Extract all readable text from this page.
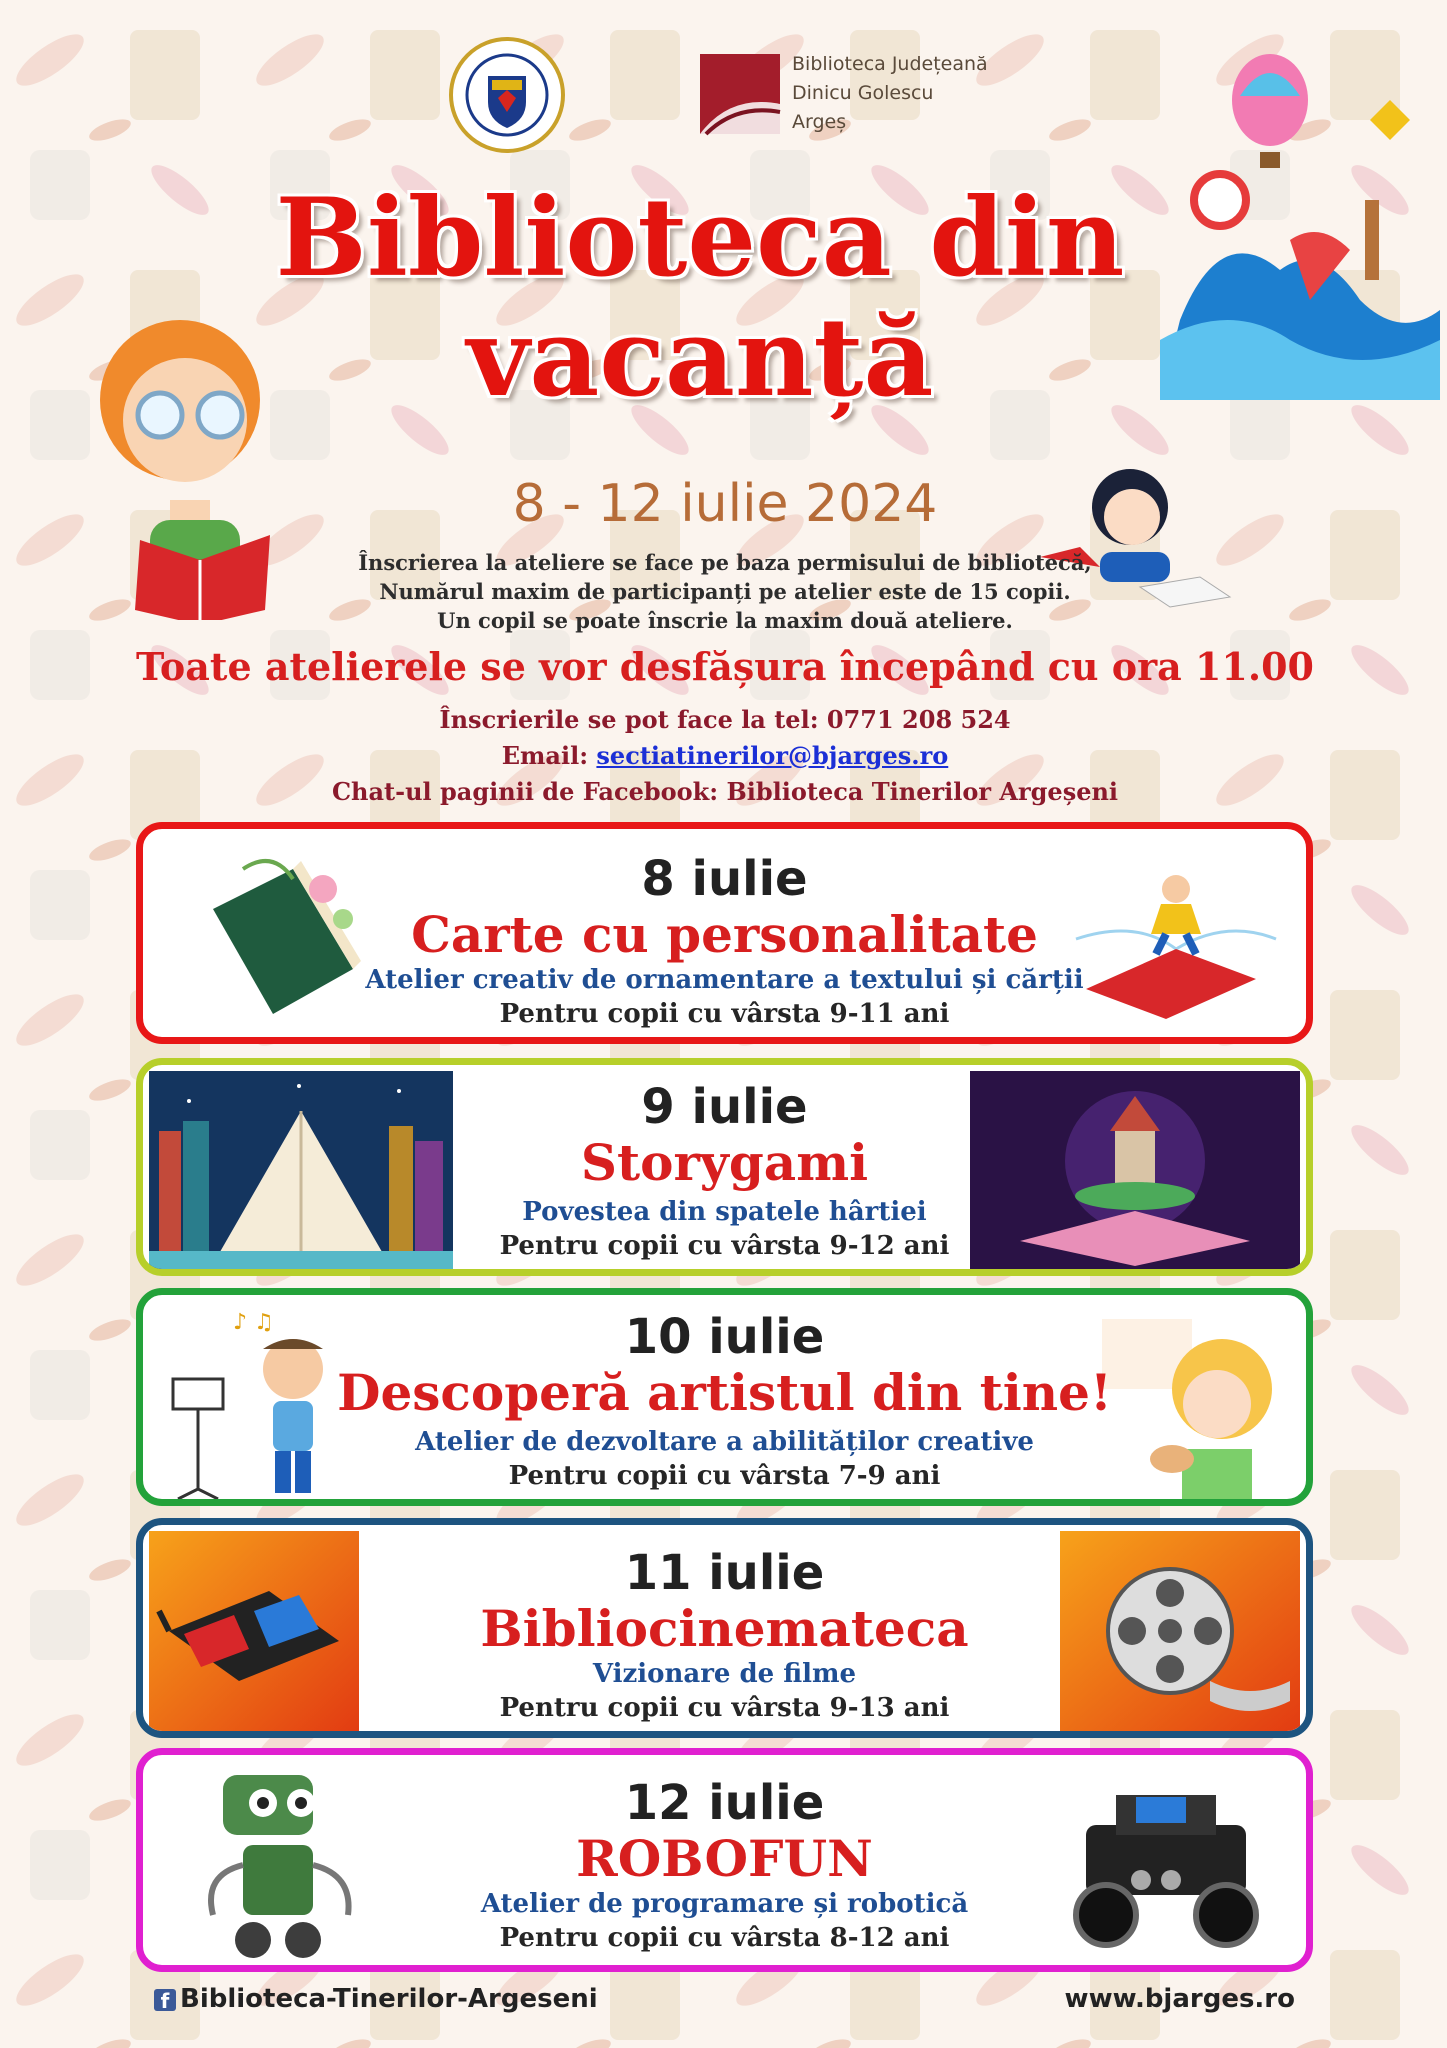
Biblioteca Județeană
Dinicu Golescu
Argeș
Biblioteca din
vacanță
8 - 12 iulie 2024
Înscrierea la ateliere se face pe baza permisului de bibliotecă,
Numărul maxim de participanți pe atelier este de 15 copii.
Un copil se poate înscrie la maxim două ateliere.
Toate atelierele se vor desfășura începând cu ora 11.00
Înscrierile se pot face la tel: 0771 208 524
Email: sectiatinerilor@bjarges.ro
Chat-ul paginii de Facebook: Biblioteca Tinerilor Argeșeni
8 iulie
Carte cu personalitate
Atelier creativ de ornamentare a textului și cărții
Pentru copii cu vârsta 9-11 ani
9 iulie
Storygami
Povestea din spatele hârtiei
Pentru copii cu vârsta 9-12 ani
♪ ♫	10 iulie
Descoperă artistul din tine!
Atelier de dezvoltare a abilităților creative
Pentru copii cu vârsta 7-9 ani
11 iulie
Bibliocinemateca
Vizionare de filme
Pentru copii cu vârsta 9-13 ani
12 iulie
ROBOFUN
Atelier de programare și robotică
Pentru copii cu vârsta 8-12 ani
f Biblioteca-Tinerilor-Argeseni	www.bjarges.ro
